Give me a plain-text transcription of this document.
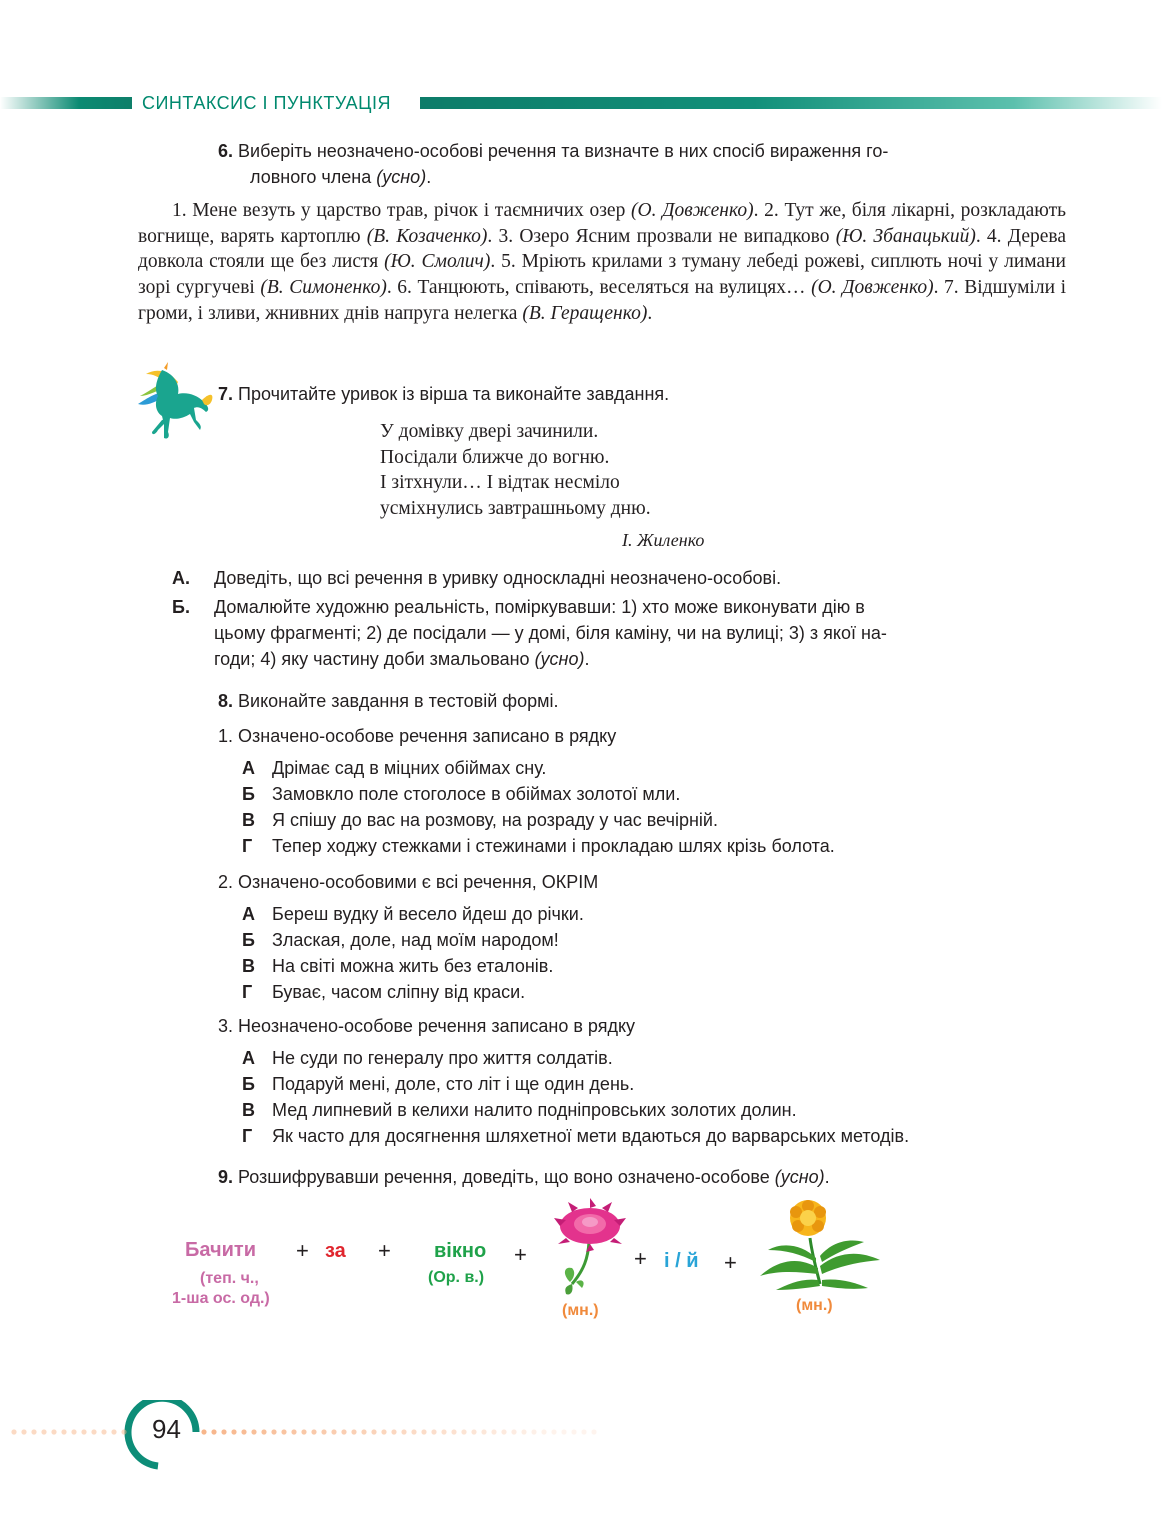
СИНТАКСИС І ПУНКТУАЦІЯ
6. Виберіть неозначено-особові речення та визначте в них спосіб вираження го-
ловного члена (усно).
1. Мене везуть у царство трав, річок і таємничих озер (О. Довженко). 2. Тут же, біля лікарні, розкладають вогнище, варять картоплю (В. Козаченко). 3. Озеро Ясним прозвали не випадково (Ю. Збанацький). 4. Дерева довкола стояли ще без листя (Ю. Смолич). 5. Мріють крилами з туману лебеді рожеві, сиплють ночі у лимани зорі сургучеві (В. Симоненко). 6. Танцюють, співають, веселяться на вулицях… (О. Довженко). 7. Відшуміли і громи, і зливи, жнивних днів напруга нелегка (В. Геращенко).
7. Прочитайте уривок із вірша та виконайте завдання.
У домівку двері зачинили.
Посідали ближче до вогню.
І зітхнули… І відтак несміло
усміхнулись завтрашньому дню.
І. Жиленко
А. Доведіть, що всі речення в уривку односкладні неозначено-особові.
Б. Домалюйте художню реальність, поміркувавши: 1) хто може виконувати дію в
цьому фрагменті; 2) де посідали — у домі, біля каміну, чи на вулиці; 3) з якої на-
годи; 4) яку частину доби змальовано (усно).
8. Виконайте завдання в тестовій формі.
1. Означено-особове речення записано в рядку
А Дрімає сад в міцних обіймах сну.
Б Замовкло поле стоголосе в обіймах золотої мли.
В Я спішу до вас на розмову, на розраду у час вечірній.
Г Тепер ходжу стежками і стежинами і прокладаю шлях крізь болота.
2. Означено-особовими є всі речення, ОКРІМ
А Береш вудку й весело йдеш до річки.
Б Злаская, доле, над моїм народом!
В На світі можна жить без еталонів.
Г Буває, часом сліпну від краси.
3. Неозначено-особове речення записано в рядку
А Не суди по генералу про життя солдатів.
Б Подаруй мені, доле, сто літ і ще один день.
В Мед липневий в келихи налито подніпровських золотих долин.
Г Як часто для досягнення шляхетної мети вдаються до варварських методів.
9. Розшифрувавши речення, доведіть, що воно означено-особове (усно).
Бачити
(теп. ч.,
1-ша ос. од.)
+ за + вікно
(Ор. в.)
+
(мн.)
+ і / й +
(мн.)
94
